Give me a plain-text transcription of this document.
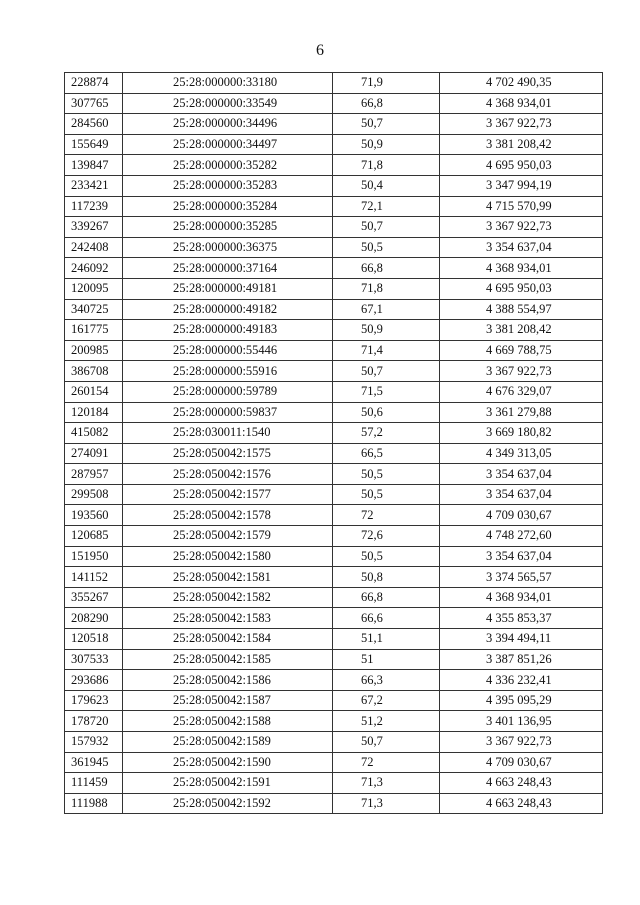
6
228874	25:28:000000:33180	71,9	4 702 490,35
307765	25:28:000000:33549	66,8	4 368 934,01
284560	25:28:000000:34496	50,7	3 367 922,73
155649	25:28:000000:34497	50,9	3 381 208,42
139847	25:28:000000:35282	71,8	4 695 950,03
233421	25:28:000000:35283	50,4	3 347 994,19
117239	25:28:000000:35284	72,1	4 715 570,99
339267	25:28:000000:35285	50,7	3 367 922,73
242408	25:28:000000:36375	50,5	3 354 637,04
246092	25:28:000000:37164	66,8	4 368 934,01
120095	25:28:000000:49181	71,8	4 695 950,03
340725	25:28:000000:49182	67,1	4 388 554,97
161775	25:28:000000:49183	50,9	3 381 208,42
200985	25:28:000000:55446	71,4	4 669 788,75
386708	25:28:000000:55916	50,7	3 367 922,73
260154	25:28:000000:59789	71,5	4 676 329,07
120184	25:28:000000:59837	50,6	3 361 279,88
415082	25:28:030011:1540	57,2	3 669 180,82
274091	25:28:050042:1575	66,5	4 349 313,05
287957	25:28:050042:1576	50,5	3 354 637,04
299508	25:28:050042:1577	50,5	3 354 637,04
193560	25:28:050042:1578	72	4 709 030,67
120685	25:28:050042:1579	72,6	4 748 272,60
151950	25:28:050042:1580	50,5	3 354 637,04
141152	25:28:050042:1581	50,8	3 374 565,57
355267	25:28:050042:1582	66,8	4 368 934,01
208290	25:28:050042:1583	66,6	4 355 853,37
120518	25:28:050042:1584	51,1	3 394 494,11
307533	25:28:050042:1585	51	3 387 851,26
293686	25:28:050042:1586	66,3	4 336 232,41
179623	25:28:050042:1587	67,2	4 395 095,29
178720	25:28:050042:1588	51,2	3 401 136,95
157932	25:28:050042:1589	50,7	3 367 922,73
361945	25:28:050042:1590	72	4 709 030,67
111459	25:28:050042:1591	71,3	4 663 248,43
111988	25:28:050042:1592	71,3	4 663 248,43
